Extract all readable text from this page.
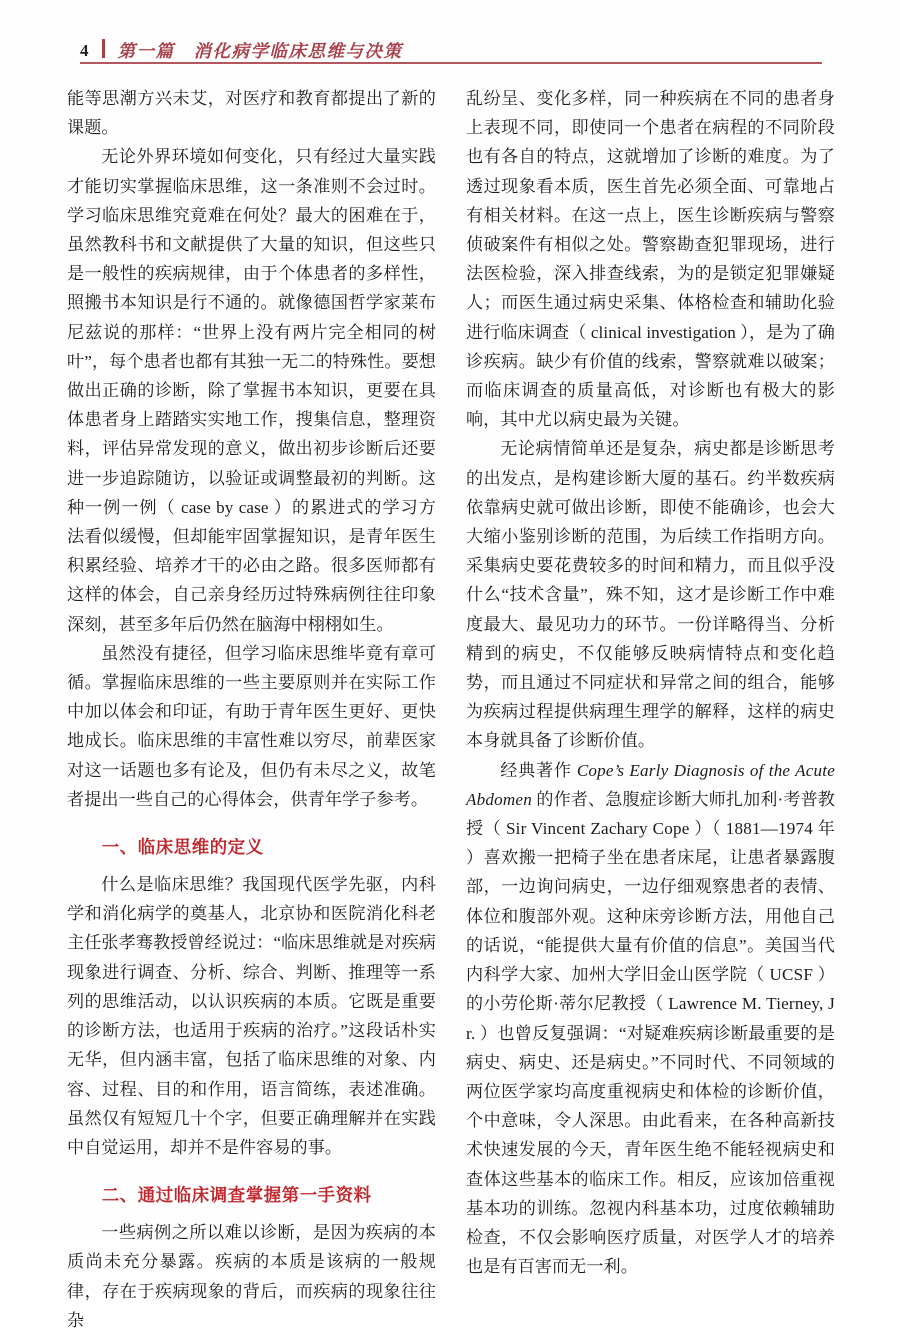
4	第一篇　消化病学临床思维与决策

能等思潮方兴未艾，对医疗和教育都提出了新的课题。

无论外界环境如何变化，只有经过大量实践才能切实掌握临床思维，这一条准则不会过时。学习临床思维究竟难在何处？最大的困难在于，虽然教科书和文献提供了大量的知识，但这些只是一般性的疾病规律，由于个体患者的多样性，照搬书本知识是行不通的。就像德国哲学家莱布尼兹说的那样：“世界上没有两片完全相同的树叶”，每个患者也都有其独一无二的特殊性。要想做出正确的诊断，除了掌握书本知识，更要在具体患者身上踏踏实实地工作，搜集信息，整理资料，评估异常发现的意义，做出初步诊断后还要进一步追踪随访，以验证或调整最初的判断。这种一例一例（ case by case ）的累进式的学习方法看似缓慢，但却能牢固掌握知识，是青年医生积累经验、培养才干的必由之路。很多医师都有这样的体会，自己亲身经历过特殊病例往往印象深刻，甚至多年后仍然在脑海中栩栩如生。

虽然没有捷径，但学习临床思维毕竟有章可循。掌握临床思维的一些主要原则并在实际工作中加以体会和印证，有助于青年医生更好、更快地成长。临床思维的丰富性难以穷尽，前辈医家对这一话题也多有论及，但仍有未尽之义，故笔者提出一些自己的心得体会，供青年学子参考。

一、临床思维的定义

什么是临床思维？我国现代医学先驱，内科学和消化病学的奠基人，北京协和医院消化科老主任张孝骞教授曾经说过：“临床思维就是对疾病现象进行调查、分析、综合、判断、推理等一系列的思维活动，以认识疾病的本质。它既是重要的诊断方法，也适用于疾病的治疗。”这段话朴实无华，但内涵丰富，包括了临床思维的对象、内容、过程、目的和作用，语言简练，表述准确。虽然仅有短短几十个字，但要正确理解并在实践中自觉运用，却并不是件容易的事。

二、通过临床调查掌握第一手资料

一些病例之所以难以诊断，是因为疾病的本质尚未充分暴露。疾病的本质是该病的一般规律，存在于疾病现象的背后，而疾病的现象往往杂

乱纷呈、变化多样，同一种疾病在不同的患者身上表现不同，即使同一个患者在病程的不同阶段也有各自的特点，这就增加了诊断的难度。为了透过现象看本质，医生首先必须全面、可靠地占有相关材料。在这一点上，医生诊断疾病与警察侦破案件有相似之处。警察勘查犯罪现场，进行法医检验，深入排查线索，为的是锁定犯罪嫌疑人；而医生通过病史采集、体格检查和辅助化验进行临床调查（ clinical investigation ），是为了确诊疾病。缺少有价值的线索，警察就难以破案；而临床调查的质量高低，对诊断也有极大的影响，其中尤以病史最为关键。

无论病情简单还是复杂，病史都是诊断思考的出发点，是构建诊断大厦的基石。约半数疾病依靠病史就可做出诊断，即使不能确诊，也会大大缩小鉴别诊断的范围，为后续工作指明方向。采集病史要花费较多的时间和精力，而且似乎没什么“技术含量”，殊不知，这才是诊断工作中难度最大、最见功力的环节。一份详略得当、分析精到的病史，不仅能够反映病情特点和变化趋势，而且通过不同症状和异常之间的组合，能够为疾病过程提供病理生理学的解释，这样的病史本身就具备了诊断价值。

经典著作 Cope’s Early Diagnosis of the Acute Abdomen 的作者、急腹症诊断大师扎加利·考普教授（ Sir Vincent Zachary Cope ）（ 1881—1974 年 ）喜欢搬一把椅子坐在患者床尾，让患者暴露腹部，一边询问病史，一边仔细观察患者的表情、体位和腹部外观。这种床旁诊断方法，用他自己的话说，“能提供大量有价值的信息”。美国当代内科学大家、加州大学旧金山医学院（ UCSF ）的小劳伦斯·蒂尔尼教授（ Lawrence M. Tierney, Jr. ）也曾反复强调：“对疑难疾病诊断最重要的是病史、病史、还是病史。”不同时代、不同领域的两位医学家均高度重视病史和体检的诊断价值，个中意味，令人深思。由此看来，在各种高新技术快速发展的今天，青年医生绝不能轻视病史和查体这些基本的临床工作。相反，应该加倍重视基本功的训练。忽视内科基本功，过度依赖辅助检查，不仅会影响医疗质量，对医学人才的培养也是有百害而无一利。
